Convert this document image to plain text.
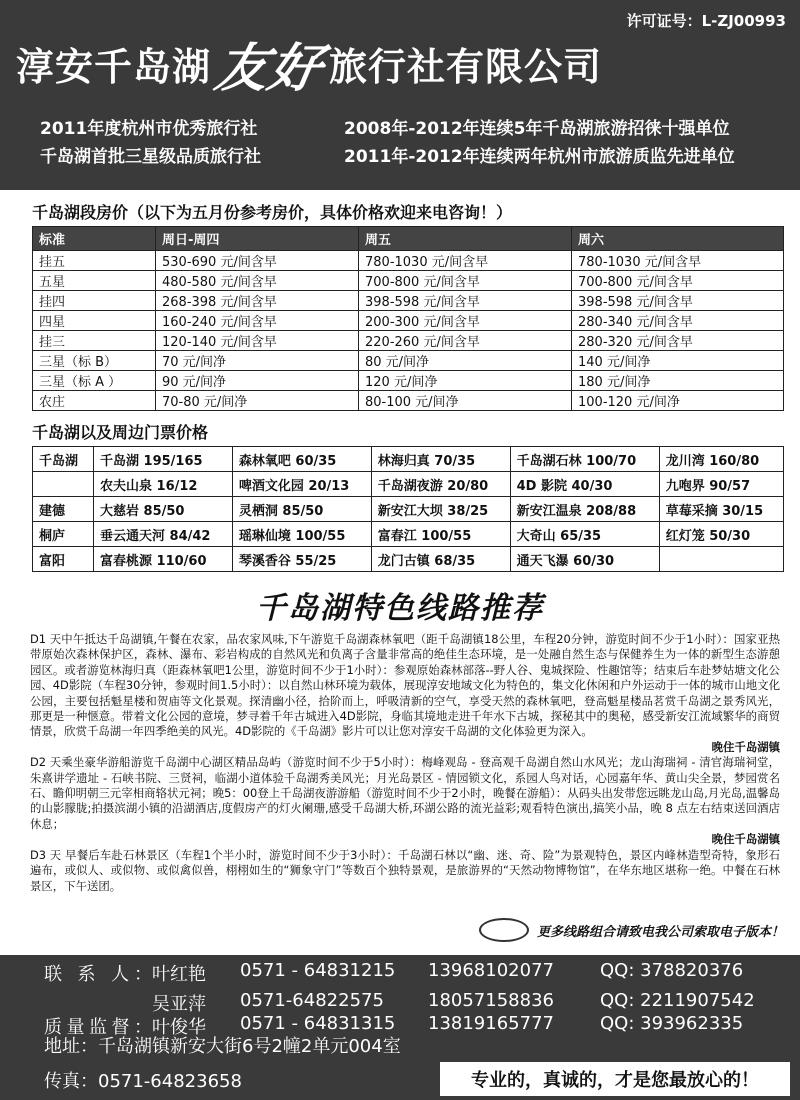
许可证号：L-ZJ00993
淳安千岛湖 友好 旅行社有限公司
2011年度杭州市优秀旅行社	2008年-2012年连续5年千岛湖旅游招徕十强单位
千岛湖首批三星级品质旅行社	2011年-2012年连续两年杭州市旅游质监先进单位
千岛湖段房价（以下为五月份参考房价，具体价格欢迎来电咨询！）
标准	周日-周四	周五	周六
挂五	530-690 元/间含早	780-1030 元/间含早	780-1030 元/间含早
五星	480-580 元/间含早	700-800 元/间含早	700-800 元/间含早
挂四	268-398 元/间含早	398-598 元/间含早	398-598 元/间含早
四星	160-240 元/间含早	200-300 元/间含早	280-340 元/间含早
挂三	120-140 元/间含早	220-260 元/间含早	280-320 元/间含早
三星（标 B）	70 元/间净	80 元/间净	140 元/间净
三星（标 A ）	90 元/间净	120 元/间净	180 元/间净
农庄	70-80 元/间净	80-100 元/间净	100-120 元/间净
千岛湖以及周边门票价格
千岛湖	千岛湖 195/165	森林氧吧 60/35	林海归真 70/35	千岛湖石林 100/70	龙川湾 160/80
	农夫山泉 16/12	啤酒文化园 20/13	千岛湖夜游 20/80	4D 影院 40/30	九咆界 90/57
建德	大慈岩 85/50	灵栖洞 85/50	新安江大坝 38/25	新安江温泉 208/88	草莓采摘 30/15
桐庐	垂云通天河 84/42	瑶琳仙境 100/55	富春江 100/55	大奇山 65/35	红灯笼 50/30
富阳	富春桃源 110/60	琴溪香谷 55/25	龙门古镇 68/35	通天飞瀑 60/30	
千岛湖特色线路推荐

D1 天中午抵达千岛湖镇,午餐在农家，品农家风味,下午游览千岛湖森林氧吧（距千岛湖镇18公里，车程20分钟，游览时间不少于1小时）：国家亚热带原始次森林保护区，森林、瀑布、彩岩构成的自然风光和负离子含量非常高的绝佳生态环境，是一处融自然生态与保健养生为一体的新型生态游憩园区。或者游览林海归真（距森林氧吧1公里，游览时间不少于1小时）：参观原始森林部落--野人谷、鬼城探险、性趣馆等；结束后车赴梦姑塘文化公园、4D影院（车程30分钟，参观时间1.5小时）：以自然山林环境为载体，展现淳安地域文化为特色的，集文化休闲和户外运动于一体的城市山地文化公园，主要包括魁星楼和贺庙等文化景观。探清幽小径，拾阶而上，呼吸清新的空气，享受天然的森林氧吧，登高魁星楼品茗赏千岛湖之景秀风光，那更是一种惬意。带着文化公园的意境，梦寻着千年古城进入4D影院，身临其境地走进千年水下古城，探秘其中的奥秘，感受新安江流域繁华的商贸情景，欣赏千岛湖一年四季绝美的风光。4D影院的《千岛湖》影片可以让您对淳安千岛湖的文化体验更为深入。

晚住千岛湖镇

D2 天乘坐豪华游船游览千岛湖中心湖区精品岛屿（游览时间不少于5小时）：梅峰观岛 - 登高观千岛湖自然山水风光；龙山海瑞祠 - 清官海瑞祠堂，朱熹讲学遗址 - 石峡书院、三贤祠，临湖小道体验千岛湖秀美风光；月光岛景区 - 情园锁文化，系园人鸟对话，心园嘉年华、黄山尖全景，梦园赏名石、瞻仰明朝三元宰相商辂状元祠；晚5：00登上千岛湖夜游游船（游览时间不少于2小时，晚餐在游船）：从码头出发带您远眺龙山岛,月光岛,温馨岛的山影朦胧;拍摄滨湖小镇的沿湖酒店,度假房产的灯火阑珊,感受千岛湖大桥,环湖公路的流光益彩;观看特色演出,搞笑小品，晚 8 点左右结束送回酒店休息；

晚住千岛湖镇

D3 天 早餐后车赴石林景区（车程1个半小时，游览时间不少于3小时）：千岛湖石林以“幽、迷、奇、险”为景观特色，景区内峰林造型奇特，象形石遍布，或似人、或似物、或似禽似兽，栩栩如生的“狮象守门”等数百个独特景观，是旅游界的“天然动物博物馆”，在华东地区堪称一绝。中餐在石林景区，下午送团。

更多线路组合请致电我公司索取电子版本！
联 系 人： 叶红艳	0571 - 64831215	13968102077	QQ: 378820376
吴亚萍	0571-64822575	18057158836	QQ: 2211907542
质量监督： 叶俊华	0571 - 64831315	13819165777	QQ: 393962335
地址：千岛湖镇新安大街6号2幢2单元004室
传真：0571-64823658	专业的，真诚的，才是您最放心的！
